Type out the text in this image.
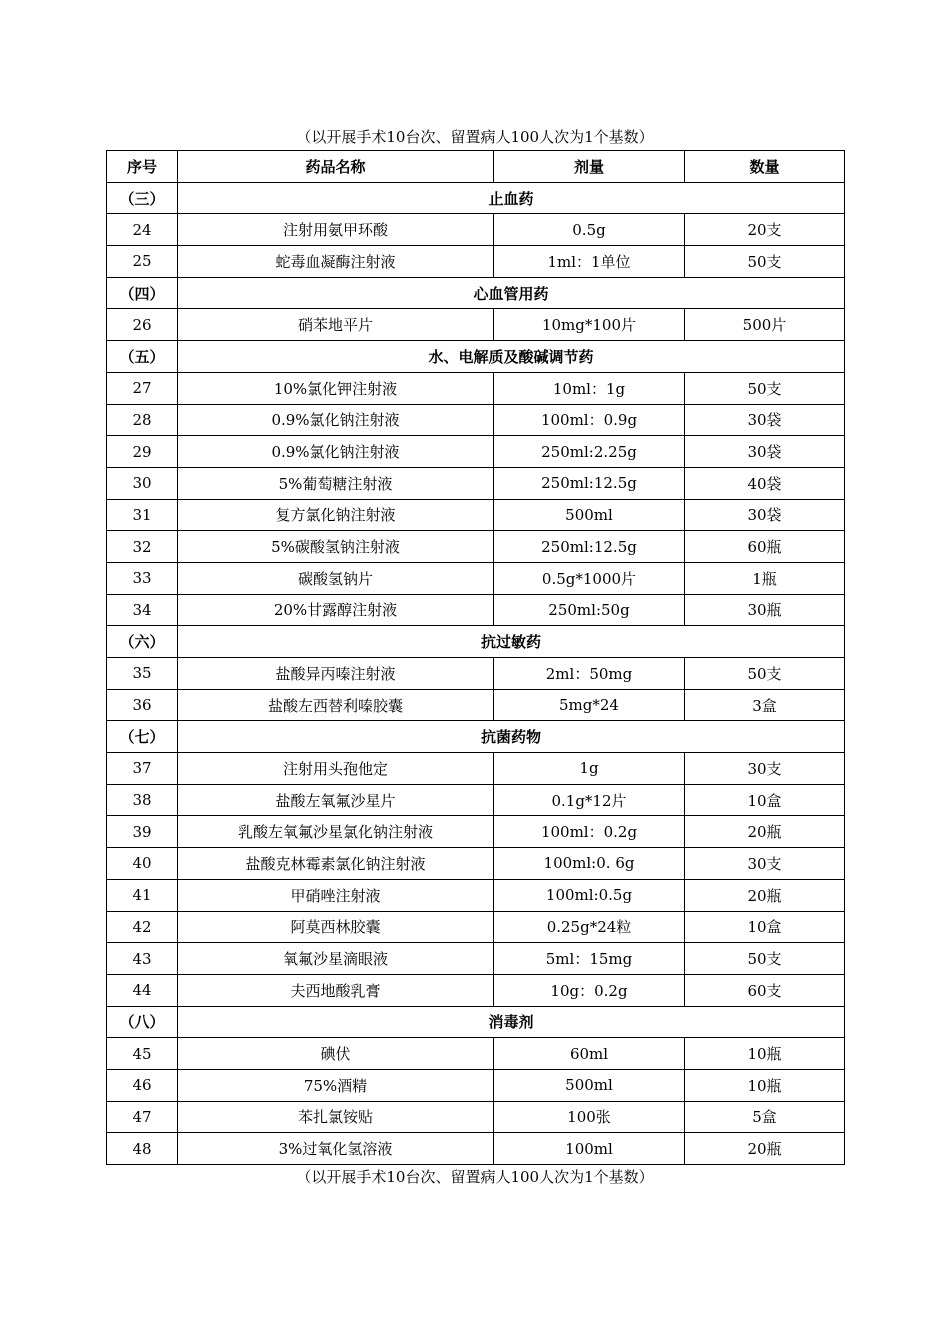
（以开展手术10台次、留置病人100人次为1个基数）
序号	药品名称	剂量	数量
（三）	止血药		
24	注射用氨甲环酸	0.5g	20支
25	蛇毒血凝酶注射液	1ml：1单位	50支
（四）	心血管用药		
26	硝苯地平片	10mg*100片	500片
（五）	水、电解质及酸碱调节药		
27	10%氯化钾注射液	10ml：1g	50支
28	0.9%氯化钠注射液	100ml：0.9g	30袋
29	0.9%氯化钠注射液	250ml:2.25g	30袋
30	5%葡萄糖注射液	250ml:12.5g	40袋
31	复方氯化钠注射液	500ml	30袋
32	5%碳酸氢钠注射液	250ml:12.5g	60瓶
33	碳酸氢钠片	0.5g*1000片	1瓶
34	20%甘露醇注射液	250ml:50g	30瓶
（六）	抗过敏药		
35	盐酸异丙嗪注射液	2ml：50mg	50支
36	盐酸左西替利嗪胶囊	5mg*24	3盒
（七）	抗菌药物		
37	注射用头孢他定	1g	30支
38	盐酸左氧氟沙星片	0.1g*12片	10盒
39	乳酸左氧氟沙星氯化钠注射液	100ml：0.2g	20瓶
40	盐酸克林霉素氯化钠注射液	100ml:0. 6g	30支
41	甲硝唑注射液	100ml:0.5g	20瓶
42	阿莫西林胶囊	0.25g*24粒	10盒
43	氧氟沙星滴眼液	5ml：15mg	50支
44	夫西地酸乳膏	10g：0.2g	60支
（八）	消毒剂		
45	碘伏	60ml	10瓶
46	75%酒精	500ml	10瓶
47	苯扎氯铵贴	100张	5盒
48	3%过氧化氢溶液	100ml	20瓶
（以开展手术10台次、留置病人100人次为1个基数）
